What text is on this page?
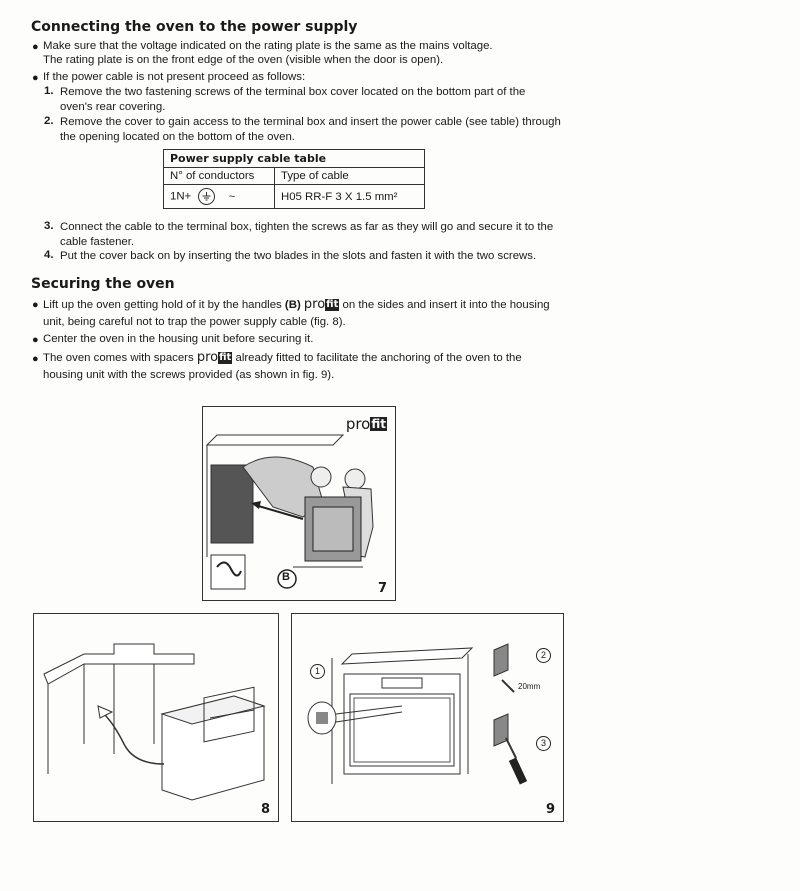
Connecting the oven to the power supply
● Make sure that the voltage indicated on the rating plate is the same as the mains voltage.
The rating plate is on the front edge of the oven (visible when the door is open).
● If the power cable is not present proceed as follows:
1. Remove the two fastening screws of the terminal box cover located on the bottom part of the
oven's rear covering.
2. Remove the cover to gain access to the terminal box and insert the power cable (see table) through
the opening located on the bottom of the oven.
Power supply cable table	
N° of conductors	Type of cable
1N+ ~	H05 RR-F 3 X 1.5 mm²
3. Connect the cable to the terminal box, tighten the screws as far as they will go and secure it to the
cable fastener.
4. Put the cover back on by inserting the two blades in the slots and fasten it with the two screws.
Securing the oven
● Lift up the oven getting hold of it by the handles (B) profit on the sides and insert it into the housing
unit, being careful not to trap the power supply cable (fig. 8).
● Center the oven in the housing unit before securing it.
● The oven comes with spacers profit already fitted to facilitate the anchoring of the oven to the
housing unit with the screws provided (as shown in fig. 9).
profit
B
7
8
1
2
20mm
3
9
